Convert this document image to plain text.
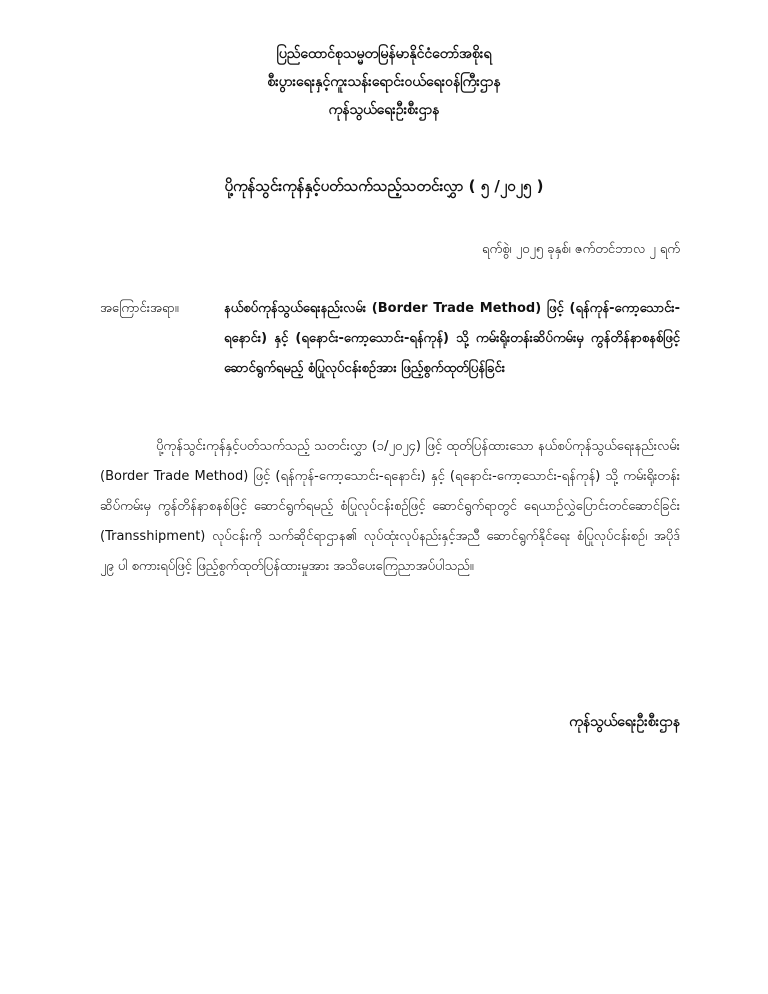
ပြည်ထောင်စုသမ္မတမြန်မာနိုင်ငံတော်အစိုးရ
စီးပွားရေးနှင့်ကူးသန်းရောင်းဝယ်ရေးဝန်ကြီးဌာန
ကုန်သွယ်ရေးဦးစီးဌာန
ပို့ကုန်သွင်းကုန်နှင့်ပတ်သက်သည့်သတင်းလွှာ ( ၅ /၂၀၂၅ )
ရက်စွဲ၊ ၂၀၂၅ ခုနှစ်၊ ဇက်တင်ဘာလ ၂ ရက်
အကြောင်းအရာ။	နယ်စပ်ကုန်သွယ်ရေးနည်းလမ်း (Border Trade Method) ဖြင့် (ရန်ကုန်-ကော့သောင်း-ရနောင်း) နှင့် (ရနောင်း-ကော့သောင်း-ရန်ကုန်) သို့ ကမ်းရိုးတန်းဆိပ်ကမ်းမှ ကွန်တိန်နာစနစ်ဖြင့် ဆောင်ရွက်ရမည့် စံပြုလုပ်ငန်းစဉ်အား ဖြည့်စွက်ထုတ်ပြန်ခြင်း
ပို့ကုန်သွင်းကုန်နှင့်ပတ်သက်သည့် သတင်းလွှာ (၁/၂၀၂၄) ဖြင့် ထုတ်ပြန်ထားသော နယ်စပ်ကုန်သွယ်ရေးနည်းလမ်း (Border Trade Method) ဖြင့် (ရန်ကုန်-ကော့သောင်း-ရနောင်း) နှင့် (ရနောင်း-ကော့သောင်း-ရန်ကုန်) သို့ ကမ်းရိုးတန်းဆိပ်ကမ်းမှ ကွန်တိန်နာစနစ်ဖြင့် ဆောင်ရွက်ရမည့် စံပြုလုပ်ငန်းစဉ်ဖြင့် ဆောင်ရွက်ရာတွင် ရေယာဉ်လွှဲပြောင်းတင်ဆောင်ခြင်း (Transshipment) လုပ်ငန်းကို သက်ဆိုင်ရာဌာန၏ လုပ်ထုံးလုပ်နည်းနှင့်အညီ ဆောင်ရွက်နိုင်ရေး စံပြုလုပ်ငန်းစဉ်၊ အပိုဒ် ၂၉ ပါ စကားရပ်ဖြင့် ဖြည့်စွက်ထုတ်ပြန်ထားမှုအား အသိပေးကြေညာအပ်ပါသည်။
ကုန်သွယ်ရေးဦးစီးဌာန
